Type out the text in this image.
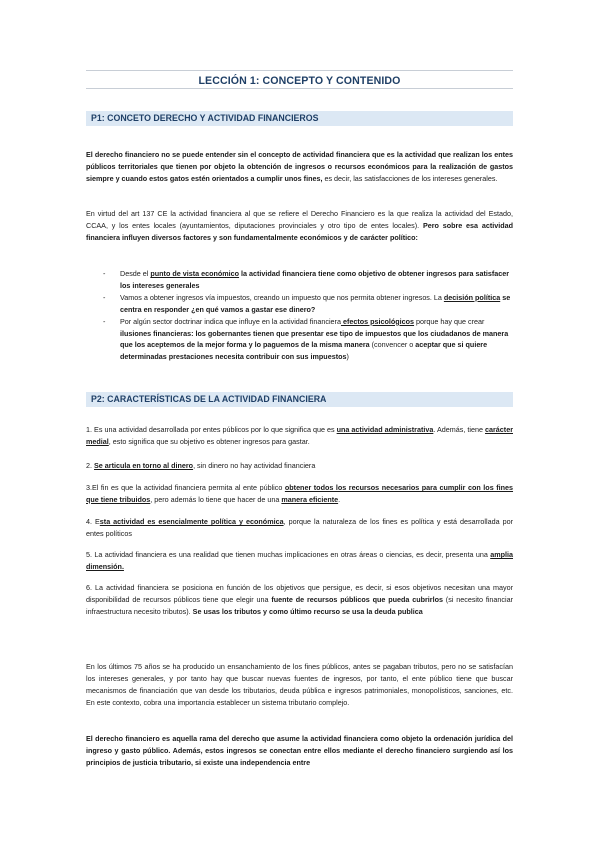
LECCIÓN 1: CONCEPTO Y CONTENIDO
P1: CONCETO DERECHO Y ACTIVIDAD FINANCIEROS
El derecho financiero no se puede entender sin el concepto de actividad financiera que es la actividad que realizan los entes públicos territoriales que tienen por objeto la obtención de ingresos o recursos económicos para la realización de gastos siempre y cuando estos gatos estén orientados a cumplir unos fines, es decir, las satisfacciones de los intereses generales.
En virtud del art 137 CE la actividad financiera al que se refiere el Derecho Financiero es la que realiza la actividad del Estado, CCAA, y los entes locales (ayuntamientos, diputaciones provinciales y otro tipo de entes locales). Pero sobre esa actividad financiera influyen diversos factores y son fundamentalmente económicos y de carácter político:
- Desde el punto de vista económico la actividad financiera tiene como objetivo de obtener ingresos para satisfacer los intereses generales
- Vamos a obtener ingresos vía impuestos, creando un impuesto que nos permita obtener ingresos. La decisión política se centra en responder ¿en qué vamos a gastar ese dinero?
- Por algún sector doctrinar indica que influye en la actividad financiera efectos psicológicos porque hay que crear ilusiones financieras: los gobernantes tienen que presentar ese tipo de impuestos que los ciudadanos de manera que los aceptemos de la mejor forma y lo paguemos de la misma manera (convencer o aceptar que si quiere determinadas prestaciones necesita contribuir con sus impuestos)
P2: CARACTERÍSTICAS DE LA ACTIVIDAD FINANCIERA
1. Es una actividad desarrollada por entes públicos por lo que significa que es una actividad administrativa. Además, tiene carácter medial, esto significa que su objetivo es obtener ingresos para gastar.
2. Se articula en torno al dinero, sin dinero no hay actividad financiera
3.El fin es que la actividad financiera permita al ente público obtener todos los recursos necesarios para cumplir con los fines que tiene tribuidos, pero además lo tiene que hacer de una manera eficiente.
4. Esta actividad es esencialmente política y económica, porque la naturaleza de los fines es política y está desarrollada por entes políticos
5. La actividad financiera es una realidad que tienen muchas implicaciones en otras áreas o ciencias, es decir, presenta una amplia dimensión.
6. La actividad financiera se posiciona en función de los objetivos que persigue, es decir, si esos objetivos necesitan una mayor disponibilidad de recursos públicos tiene que elegir una fuente de recursos públicos que pueda cubrirlos (si necesito financiar infraestructura necesito tributos). Se usas los tributos y como último recurso se usa la deuda publica
En los últimos 75 años se ha producido un ensanchamiento de los fines públicos, antes se pagaban tributos, pero no se satisfacían los intereses generales, y por tanto hay que buscar nuevas fuentes de ingresos, por tanto, el ente público tiene que buscar mecanismos de financiación que van desde los tributarios, deuda pública e ingresos patrimoniales, monopolísticos, sanciones, etc. En este contexto, cobra una importancia establecer un sistema tributario complejo.
El derecho financiero es aquella rama del derecho que asume la actividad financiera como objeto la ordenación jurídica del ingreso y gasto público. Además, estos ingresos se conectan entre ellos mediante el derecho financiero surgiendo así los principios de justicia tributario, si existe una independencia entre
